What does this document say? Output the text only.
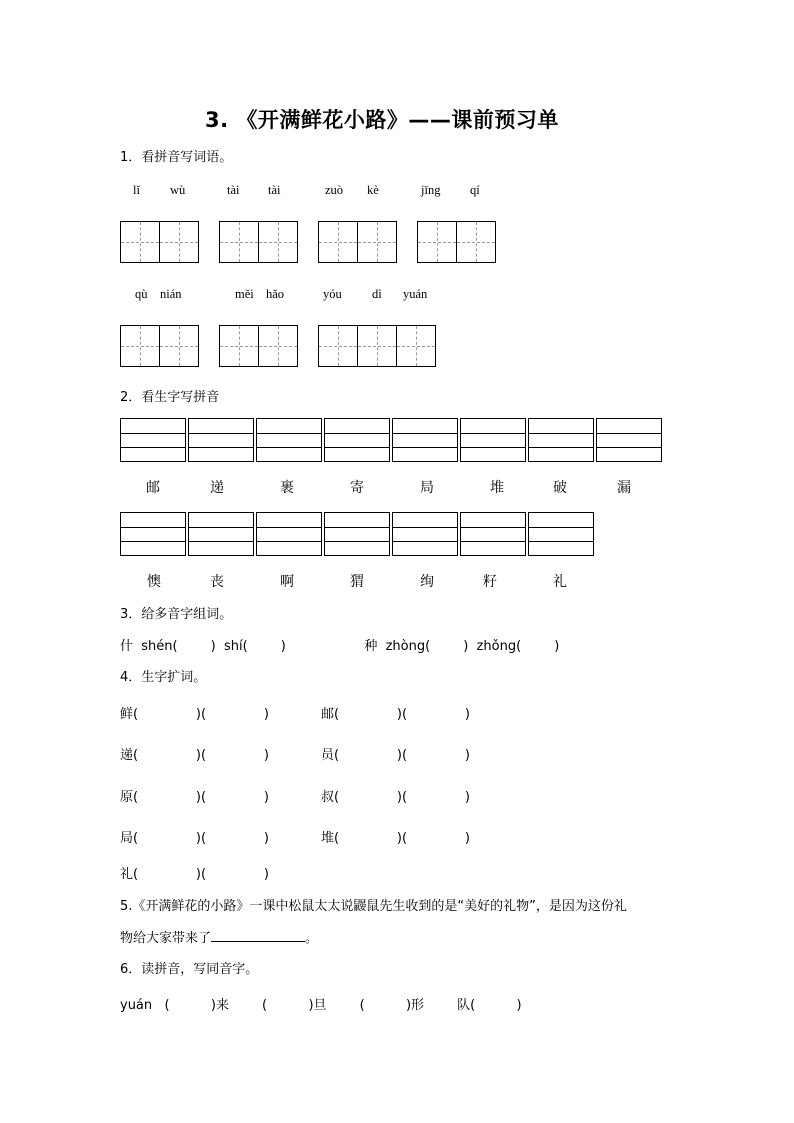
3. 《开满鲜花小路》——课前预习单
1．看拼音写词语。
lǐ wù	tài tài	zuò kè	jīng qí
qù nián	měi hǎo	yóu dì yuán
2．看生字写拼音
邮	递	裹	寄	局	堆	破	漏
懊	丧	啊	猬	绚	籽	礼
3．给多音字组词。
什  shén(        )  shí(        )                   种  zhòng(        )  zhǒng(        )
4．生字扩词。
鲜(              )(              )	邮(              )(              )
递(              )(              )	员(              )(              )
原(              )(              )	叔(              )(              )
局(              )(              )	堆(              )(              )
礼(              )(              )
5.《开满鲜花的小路》一课中松鼠太太说鼹鼠先生收到的是“美好的礼物”，是因为这份礼
物给大家带来了	。
6．读拼音，写同音字。
yuán   (          )来        (          )旦        (          )形        队(          )
